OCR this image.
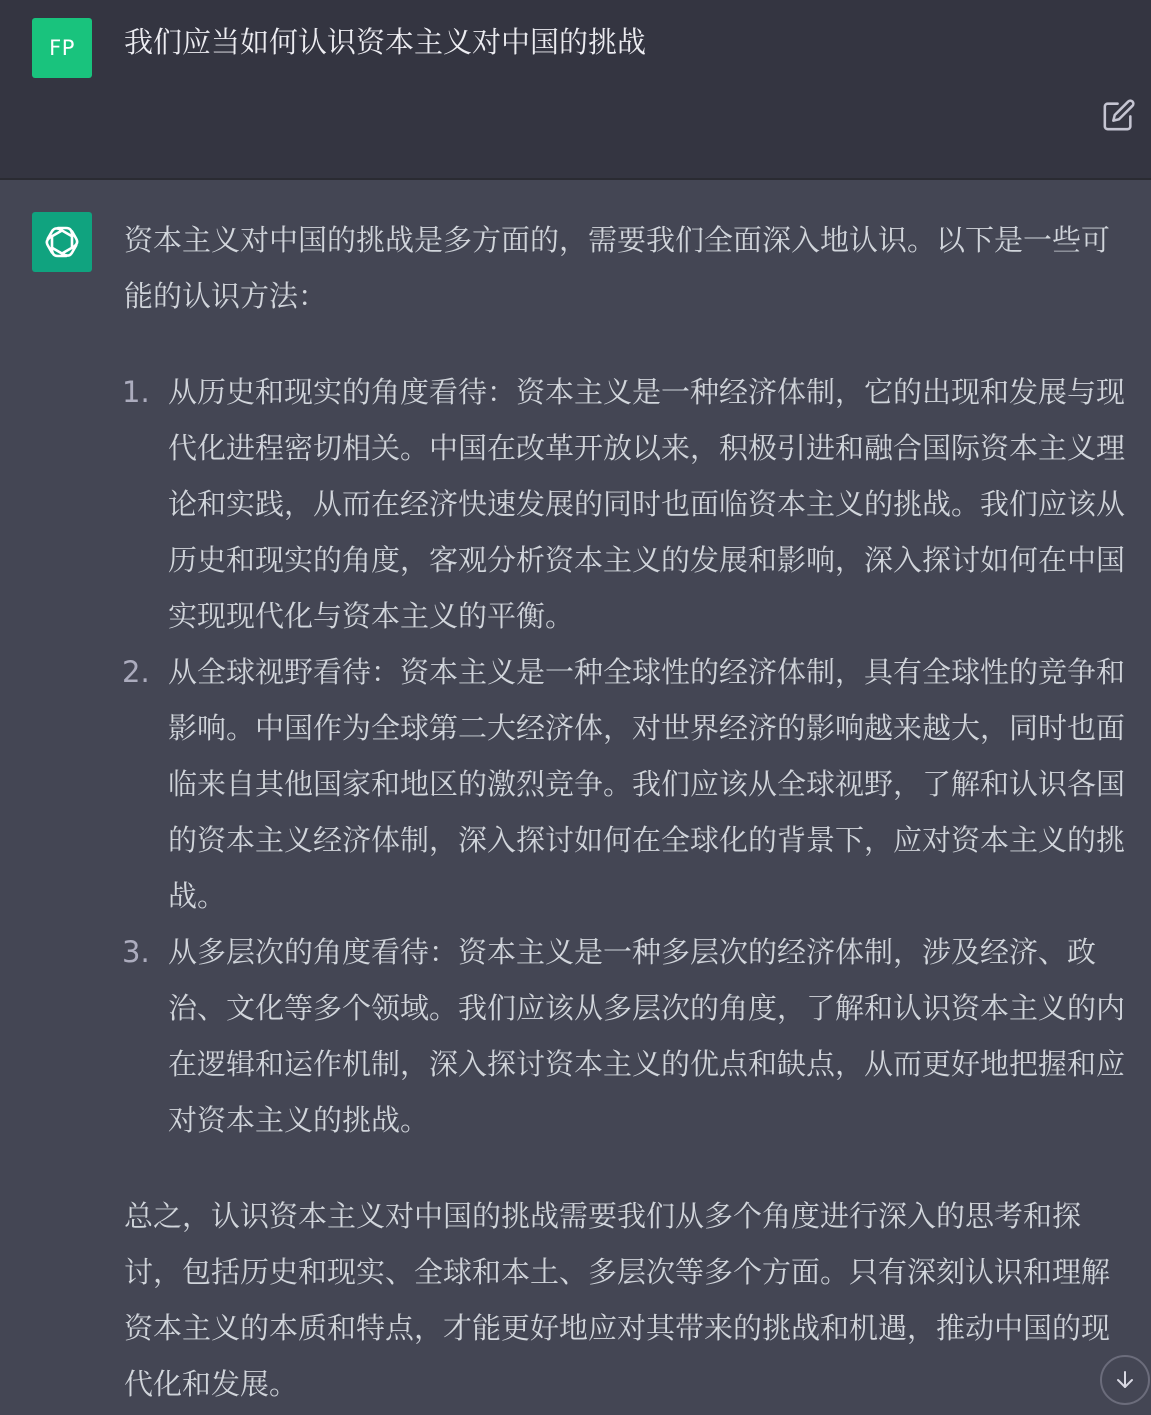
FP 我们应当如何认识资本主义对中国的挑战

资本主义对中国的挑战是多方面的，需要我们全面深入地认识。以下是一些可能的认识方法：

1. 从历史和现实的角度看待：资本主义是一种经济体制，它的出现和发展与现代化进程密切相关。中国在改革开放以来，积极引进和融合国际资本主义理论和实践，从而在经济快速发展的同时也面临资本主义的挑战。我们应该从历史和现实的角度，客观分析资本主义的发展和影响，深入探讨如何在中国实现现代化与资本主义的平衡。
2. 从全球视野看待：资本主义是一种全球性的经济体制，具有全球性的竞争和影响。中国作为全球第二大经济体，对世界经济的影响越来越大，同时也面临来自其他国家和地区的激烈竞争。我们应该从全球视野，了解和认识各国的资本主义经济体制，深入探讨如何在全球化的背景下，应对资本主义的挑战。
3. 从多层次的角度看待：资本主义是一种多层次的经济体制，涉及经济、政治、文化等多个领域。我们应该从多层次的角度，了解和认识资本主义的内在逻辑和运作机制，深入探讨资本主义的优点和缺点，从而更好地把握和应对资本主义的挑战。

总之，认识资本主义对中国的挑战需要我们从多个角度进行深入的思考和探讨，包括历史和现实、全球和本土、多层次等多个方面。只有深刻认识和理解资本主义的本质和特点，才能更好地应对其带来的挑战和机遇，推动中国的现代化和发展。
